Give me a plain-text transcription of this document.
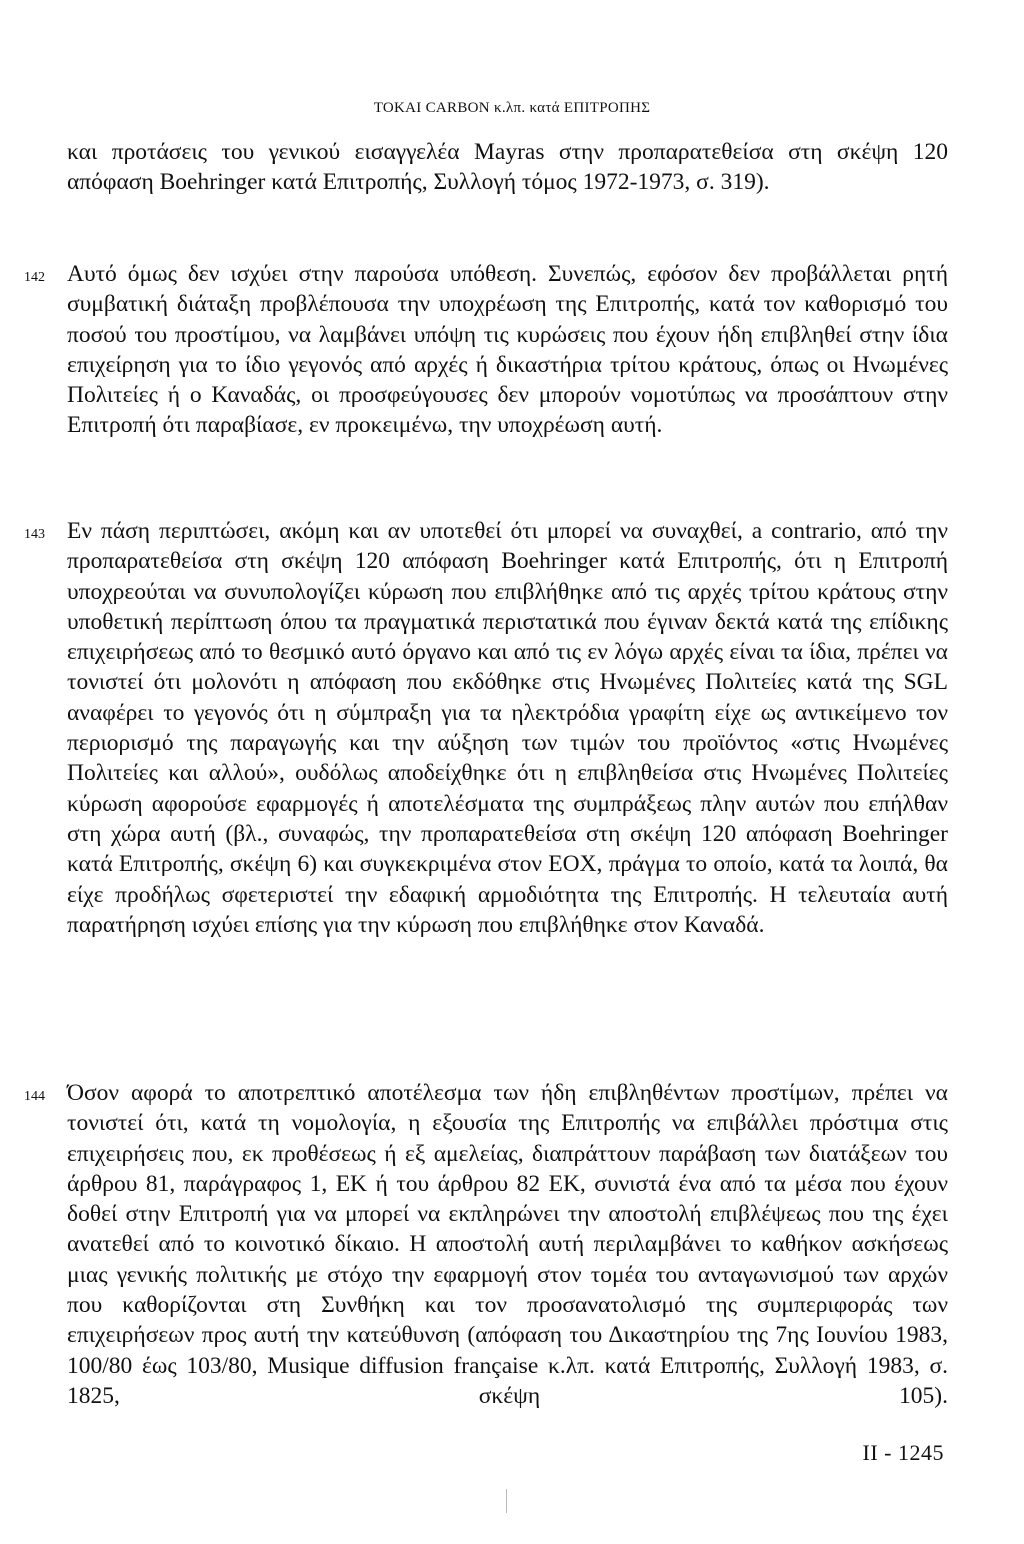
TOKAI CARBON κ.λπ. κατά ΕΠΙΤΡΟΠΗΣ

και προτάσεις του γενικού εισαγγελέα Mayras στην προπαρατεθείσα στη σκέψη 120 απόφαση Boehringer κατά Επιτροπής, Συλλογή τόμος 1972-1973, σ. 319).

142 Αυτό όμως δεν ισχύει στην παρούσα υπόθεση. Συνεπώς, εφόσον δεν προβάλλεται ρητή συμβατική διάταξη προβλέπουσα την υποχρέωση της Επιτροπής, κατά τον καθορισμό του ποσού του προστίμου, να λαμβάνει υπόψη τις κυρώσεις που έχουν ήδη επιβληθεί στην ίδια επιχείρηση για το ίδιο γεγονός από αρχές ή δικαστήρια τρίτου κράτους, όπως οι Ηνωμένες Πολιτείες ή ο Καναδάς, οι προσφεύγουσες δεν μπορούν νομοτύπως να προσάπτουν στην Επιτροπή ότι παραβίασε, εν προκειμένω, την υποχρέωση αυτή.

143 Εν πάση περιπτώσει, ακόμη και αν υποτεθεί ότι μπορεί να συναχθεί, a contrario, από την προπαρατεθείσα στη σκέψη 120 απόφαση Boehringer κατά Επιτροπής, ότι η Επιτροπή υποχρεούται να συνυπολογίζει κύρωση που επιβλήθηκε από τις αρχές τρίτου κράτους στην υποθετική περίπτωση όπου τα πραγματικά περιστατικά που έγιναν δεκτά κατά της επίδικης επιχειρήσεως από το θεσμικό αυτό όργανο και από τις εν λόγω αρχές είναι τα ίδια, πρέπει να τονιστεί ότι μολονότι η απόφαση που εκδόθηκε στις Ηνωμένες Πολιτείες κατά της SGL αναφέρει το γεγονός ότι η σύμπραξη για τα ηλεκτρόδια γραφίτη είχε ως αντικείμενο τον περιορισμό της παραγωγής και την αύξηση των τιμών του προϊόντος «στις Ηνωμένες Πολιτείες και αλλού», ουδόλως αποδείχθηκε ότι η επιβληθείσα στις Ηνωμένες Πολιτείες κύρωση αφορούσε εφαρμογές ή αποτελέσματα της συμπράξεως πλην αυτών που επήλθαν στη χώρα αυτή (βλ., συναφώς, την προπαρατεθείσα στη σκέψη 120 απόφαση Boehringer κατά Επιτροπής, σκέψη 6) και συγκεκριμένα στον ΕΟΧ, πράγμα το οποίο, κατά τα λοιπά, θα είχε προδήλως σφετεριστεί την εδαφική αρμοδιότητα της Επιτροπής. Η τελευταία αυτή παρατήρηση ισχύει επίσης για την κύρωση που επιβλήθηκε στον Καναδά.

144 Όσον αφορά το αποτρεπτικό αποτέλεσμα των ήδη επιβληθέντων προστίμων, πρέπει να τονιστεί ότι, κατά τη νομολογία, η εξουσία της Επιτροπής να επιβάλλει πρόστιμα στις επιχειρήσεις που, εκ προθέσεως ή εξ αμελείας, διαπράττουν παράβαση των διατάξεων του άρθρου 81, παράγραφος 1, ΕΚ ή του άρθρου 82 ΕΚ, συνιστά ένα από τα μέσα που έχουν δοθεί στην Επιτροπή για να μπορεί να εκπληρώνει την αποστολή επιβλέψεως που της έχει ανατεθεί από το κοινοτικό δίκαιο. Η αποστολή αυτή περιλαμβάνει το καθήκον ασκήσεως μιας γενικής πολιτικής με στόχο την εφαρμογή στον τομέα του ανταγωνισμού των αρχών που καθορίζονται στη Συνθήκη και τον προσανατολισμό της συμπεριφοράς των επιχειρήσεων προς αυτή την κατεύθυνση (απόφαση του Δικαστηρίου της 7ης Ιουνίου 1983, 100/80 έως 103/80, Musique diffusion française κ.λπ. κατά Επιτροπής, Συλλογή 1983, σ. 1825, σκέψη 105).

II - 1245
